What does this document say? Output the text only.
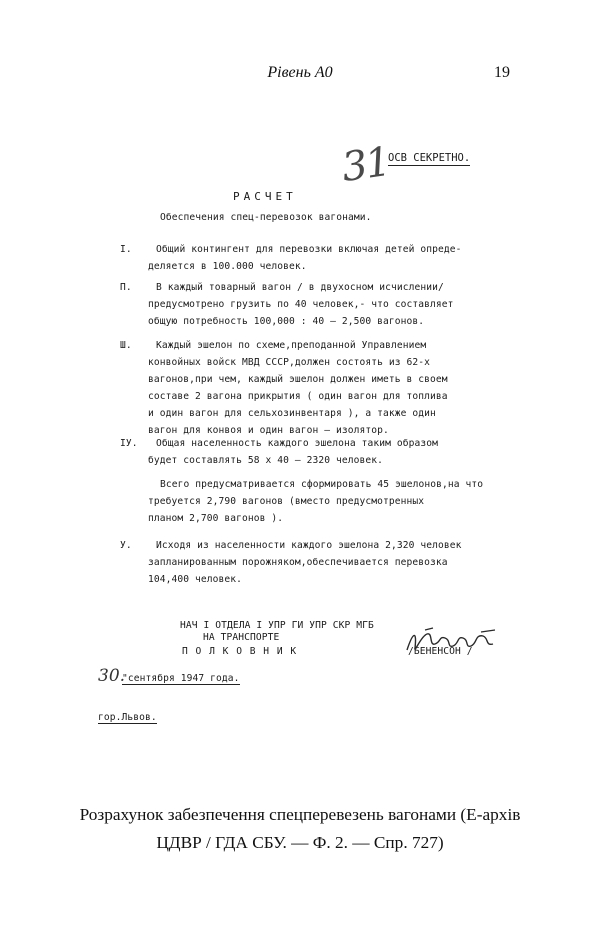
Рівень А0	19
31
ОСВ СЕКРЕТНО.
РАСЧЕТ
Обеспечения спец-перевозок вагонами.
I.	Общий контингент для перевозки включая детей опреде-
деляется в 100.000 человек.
П.	В каждый товарный вагон / в двухосном исчислении/
предусмотрено грузить по 40 человек,- что составляет
общую потребность 100,000 : 40 – 2,500 вагонов.
Ш.	Каждый эшелон по схеме,преподанной Управлением
конвойных войск МВД СССР,должен состоять из 62-х
вагонов,при чем, каждый эшелон должен иметь в своем
составе 2 вагона прикрытия ( один вагон для топлива
и один вагон для сельхозинвентаря ), а также один
вагон для конвоя и один вагон – изолятор.
IУ. Общая населенность каждого эшелона таким образом
будет составлять 58 х 40 – 2320 человек.
Всего предусматривается сформировать 45 эшелонов,на что
требуется 2,790 вагонов (вместо предусмотренных
планом 2,700 вагонов ).
У.	Исходя из населенности каждого эшелона 2,320 человек
запланированным порожняком,обеспечивается перевозка
104,400 человек.
НАЧ I ОТДЕЛА I УПР ГИ УПР СКР МГБ
НА ТРАНСПОРТЕ
П О Л К О В Н И К	/БЕНЕНСОН /
30.
"сентября 1947 года.
гор.Львов.
Розрахунок забезпечення спецперевезень вагонами (Е-архів
ЦДВР / ГДА СБУ. — Ф. 2. — Спр. 727)
